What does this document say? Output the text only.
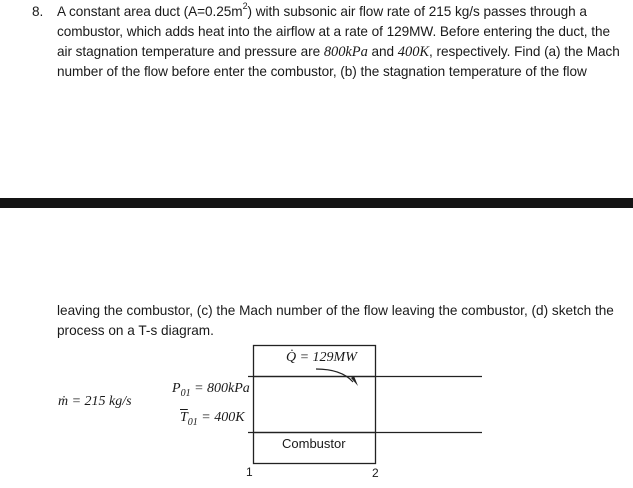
8. A constant area duct $(A=0.25m^2)$ with subsonic air flow rate of 215 kg/s passes through a
combustor, which adds heat into the airflow at a rate of 129MW. Before entering the duct, the
air stagnation temperature and pressure are 800kPa and 400K, respectively. Find (a) the Mach
number of the flow before enter the combustor, (b) the stagnation temperature of the flow
leaving the combustor, (c) the Mach number of the flow leaving the combustor, (d) sketch the
process on a T-s diagram.
Q̇ = 129MW
ṁ = 215 kg/s
$P_{01} = 800kPa$
$\overline{T}_{01} = 400K$
Combustor
1	2
